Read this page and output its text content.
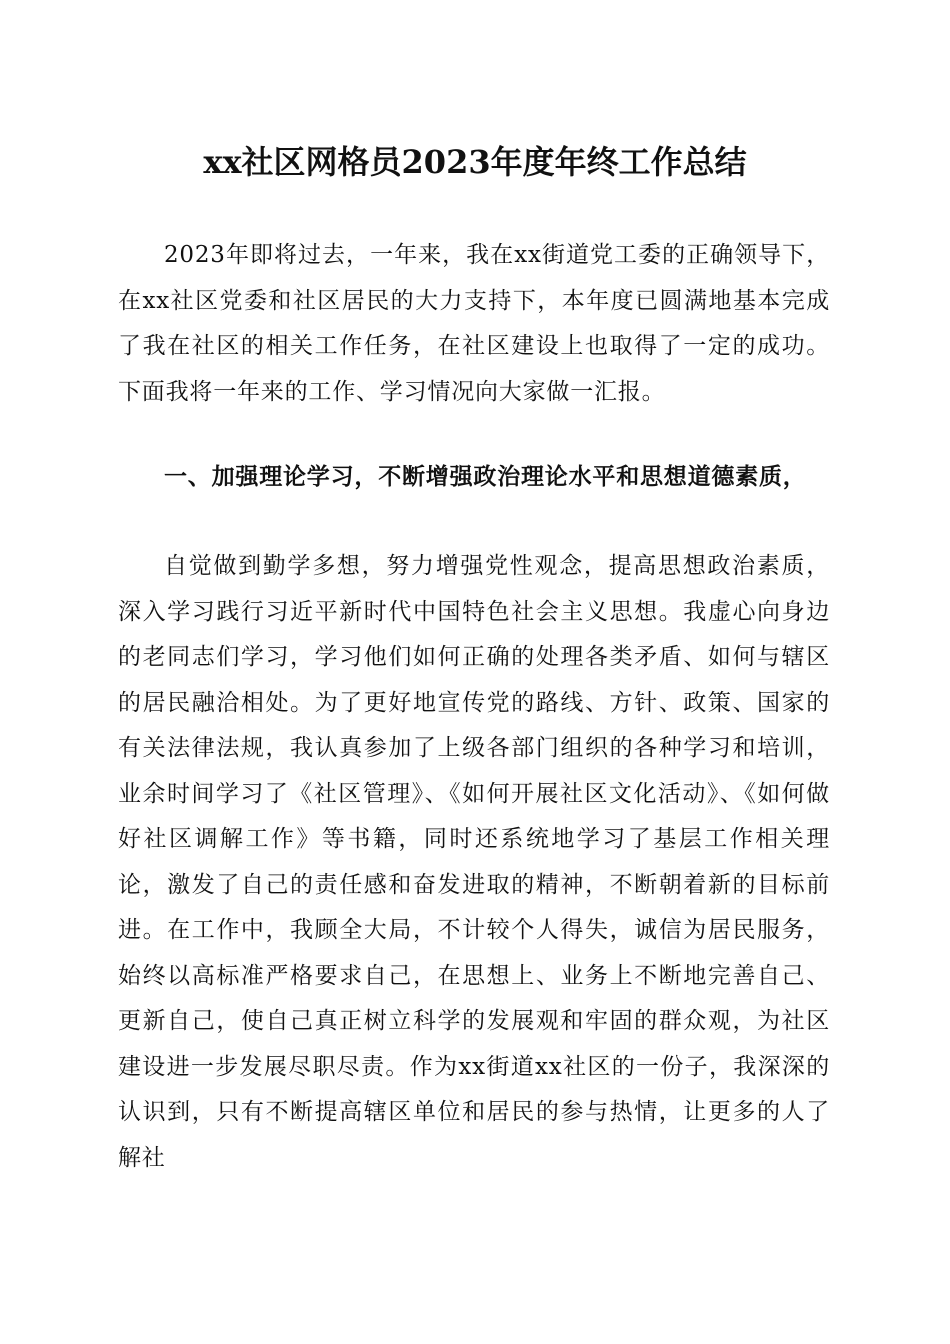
xx社区网格员2023年度年终工作总结

2023年即将过去，一年来，我在xx街道党工委的正确领导下，在xx社区党委和社区居民的大力支持下，本年度已圆满地基本完成了我在社区的相关工作任务，在社区建设上也取得了一定的成功。下面我将一年来的工作、学习情况向大家做一汇报。

一、加强理论学习，不断增强政治理论水平和思想道德素质，

自觉做到勤学多想，努力增强党性观念，提高思想政治素质，深入学习践行习近平新时代中国特色社会主义思想。我虚心向身边的老同志们学习，学习他们如何正确的处理各类矛盾、如何与辖区的居民融洽相处。为了更好地宣传党的路线、方针、政策、国家的有关法律法规，我认真参加了上级各部门组织的各种学习和培训，业余时间学习了《社区管理》、《如何开展社区文化活动》、《如何做好社区调解工作》等书籍，同时还系统地学习了基层工作相关理论，激发了自己的责任感和奋发进取的精神，不断朝着新的目标前进。在工作中，我顾全大局，不计较个人得失，诚信为居民服务，始终以高标准严格要求自己，在思想上、业务上不断地完善自己、更新自己，使自己真正树立科学的发展观和牢固的群众观，为社区建设进一步发展尽职尽责。作为xx街道xx社区的一份子，我深深的认识到，只有不断提高辖区单位和居民的参与热情，让更多的人了解社
